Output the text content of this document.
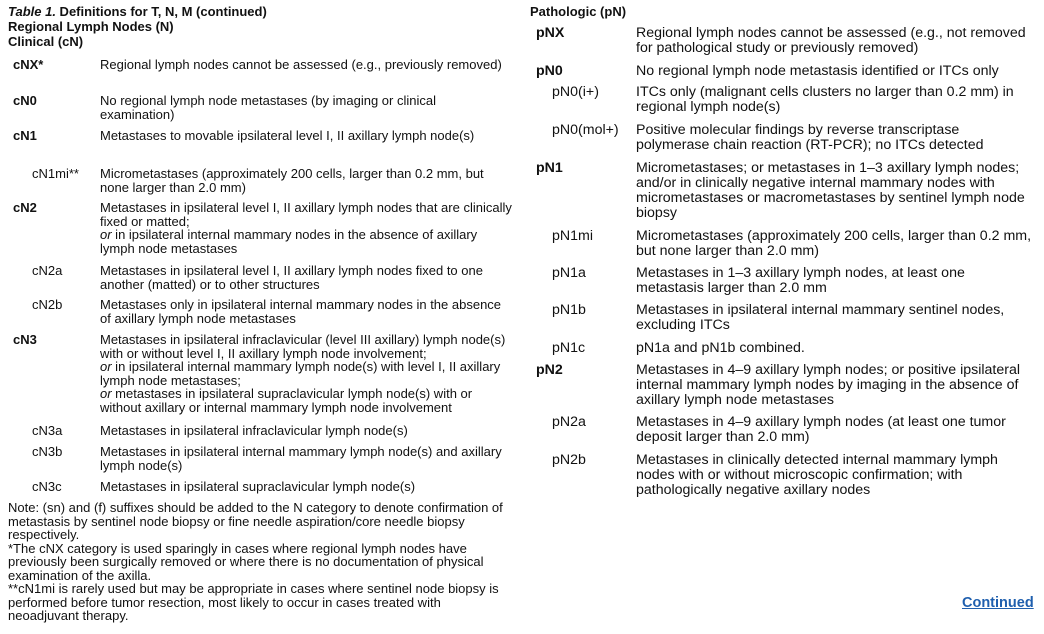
Table 1. Definitions for T, N, M (continued)
Regional Lymph Nodes (N)
Clinical (cN)
cNX*	Regional lymph nodes cannot be assessed (e.g., previously removed)
cN0	No regional lymph node metastases (by imaging or clinical examination)
cN1	Metastases to movable ipsilateral level I, II axillary lymph node(s)
cN1mi** Micrometastases (approximately 200 cells, larger than 0.2 mm, but none larger than 2.0 mm)
cN2	Metastases in ipsilateral level I, II axillary lymph nodes that are clinically fixed or matted;
or in ipsilateral internal mammary nodes in the absence of axillary lymph node metastases
cN2a	Metastases in ipsilateral level I, II axillary lymph nodes fixed to one another (matted) or to other structures
cN2b	Metastases only in ipsilateral internal mammary nodes in the absence of axillary lymph node metastases
cN3	Metastases in ipsilateral infraclavicular (level III axillary) lymph node(s) with or without level I, II axillary lymph node involvement;
or in ipsilateral internal mammary lymph node(s) with level I, II axillary lymph node metastases;
or metastases in ipsilateral supraclavicular lymph node(s) with or without axillary or internal mammary lymph node involvement
cN3a	Metastases in ipsilateral infraclavicular lymph node(s)
cN3b	Metastases in ipsilateral internal mammary lymph node(s) and axillary lymph node(s)
cN3c	Metastases in ipsilateral supraclavicular lymph node(s)

Note: (sn) and (f) suffixes should be added to the N category to denote confirmation of metastasis by sentinel node biopsy or fine needle aspiration/core needle biopsy respectively.

*The cNX category is used sparingly in cases where regional lymph nodes have previously been surgically removed or where there is no documentation of physical examination of the axilla.

**cN1mi is rarely used but may be appropriate in cases where sentinel node biopsy is performed before tumor resection, most likely to occur in cases treated with neoadjuvant therapy.

Pathologic (pN)
pNX	Regional lymph nodes cannot be assessed (e.g., not removed for pathological study or previously removed)
pN0	No regional lymph node metastasis identified or ITCs only
pN0(i+)	ITCs only (malignant cells clusters no larger than 0.2 mm) in regional lymph node(s)
pN0(mol+) Positive molecular findings by reverse transcriptase polymerase chain reaction (RT-PCR); no ITCs detected
pN1	Micrometastases; or metastases in 1–3 axillary lymph nodes; and/or in clinically negative internal mammary nodes with micrometastases or macrometastases by sentinel lymph node biopsy
pN1mi	Micrometastases (approximately 200 cells, larger than 0.2 mm, but none larger than 2.0 mm)
pN1a	Metastases in 1–3 axillary lymph nodes, at least one metastasis larger than 2.0 mm
pN1b	Metastases in ipsilateral internal mammary sentinel nodes, excluding ITCs
pN1c	pN1a and pN1b combined.
pN2	Metastases in 4–9 axillary lymph nodes; or positive ipsilateral internal mammary lymph nodes by imaging in the absence of axillary lymph node metastases
pN2a	Metastases in 4–9 axillary lymph nodes (at least one tumor deposit larger than 2.0 mm)
pN2b	Metastases in clinically detected internal mammary lymph nodes with or without microscopic confirmation; with pathologically negative axillary nodes
Continued
